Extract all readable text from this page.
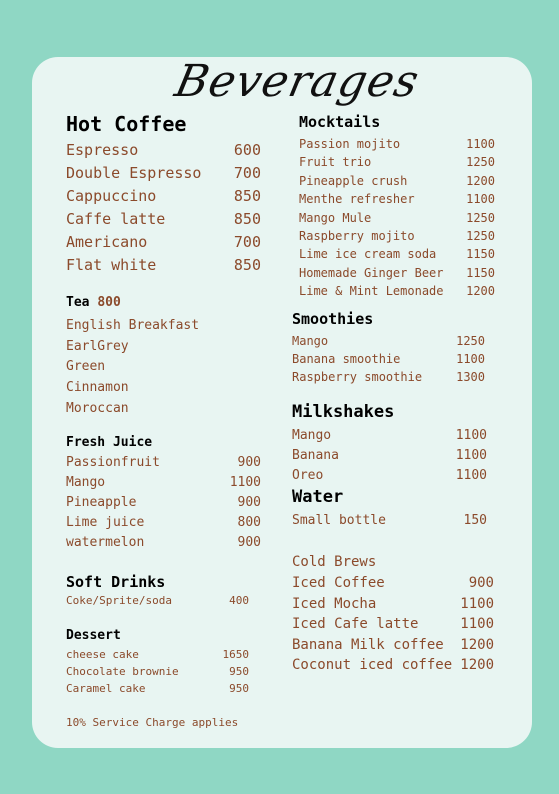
Beverages
Hot Coffee
Espresso	600
Double Espresso 700
Cappuccino	850
Caffe latte	850
Americano	700
Flat white	850
Tea 800
English Breakfast
EarlGrey
Green
Cinnamon
Moroccan
Fresh Juice
Passionfruit	900
Mango	1100
Pineapple	900
Lime juice	800
watermelon	900
Soft Drinks
Coke/Sprite/soda	400
Dessert
cheese cake	1650
Chocolate brownie	950
Caramel cake	950
10% Service Charge applies
Mocktails
Passion mojito	1100
Fruit trio	1250
Pineapple crush	1200
Menthe refresher	1100
Mango Mule	1250
Raspberry mojito	1250
Lime ice cream soda 1150
Homemade Ginger Beer 1150
Lime & Mint Lemonade 1200
Smoothies
Mango	1250
Banana smoothie	1100
Raspberry smoothie	1300
Milkshakes
Mango	1100
Banana	1100
Oreo	1100
Water
Small bottle	150
Cold Brews
Iced Coffee	900
Iced Mocha	1100
Iced Cafe latte	1100
Banana Milk coffee 1200
Coconut iced coffee 1200
